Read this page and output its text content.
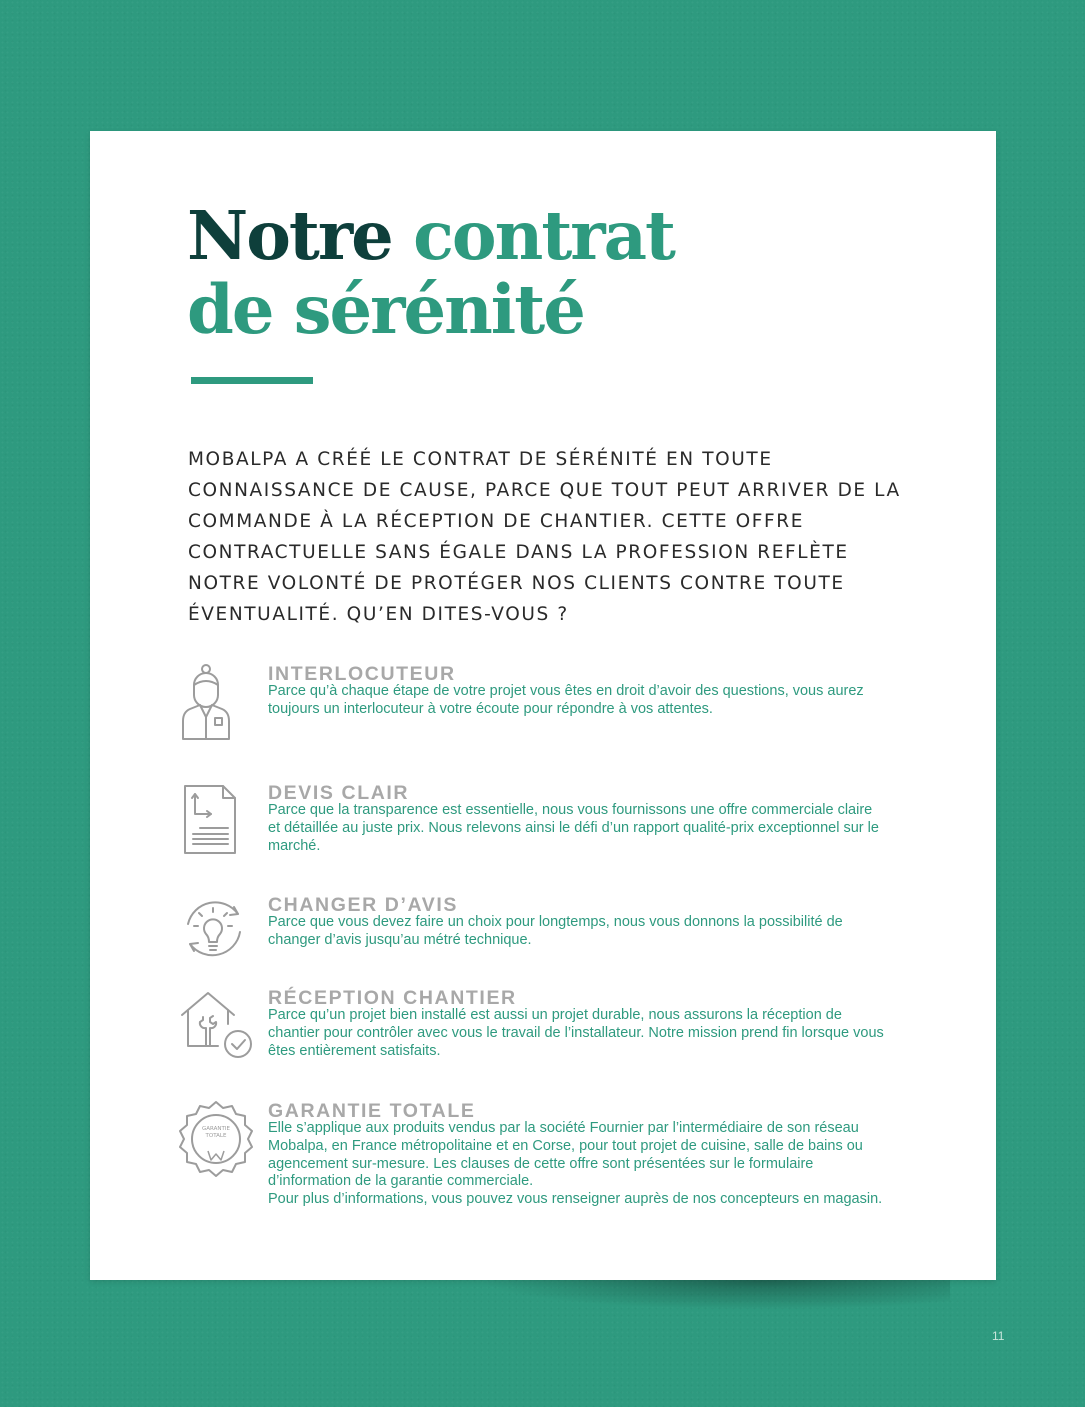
Notre contrat
de sérénité

MOBALPA A CRÉÉ LE CONTRAT DE SÉRÉNITÉ EN TOUTE CONNAISSANCE DE CAUSE, PARCE QUE TOUT PEUT ARRIVER DE LA COMMANDE À LA RÉCEPTION DE CHANTIER. CETTE OFFRE CONTRACTUELLE SANS ÉGALE DANS LA PROFESSION REFLÈTE NOTRE VOLONTÉ DE PROTÉGER NOS CLIENTS CONTRE TOUTE ÉVENTUALITÉ. QU’EN DITES-VOUS ?

INTERLOCUTEUR
Parce qu’à chaque étape de votre projet vous êtes en droit d’avoir des questions, vous aurez toujours un interlocuteur à votre écoute pour répondre à vos attentes.
DEVIS CLAIR
Parce que la transparence est essentielle, nous vous fournissons une offre commerciale claire et détaillée au juste prix. Nous relevons ainsi le défi d’un rapport qualité-prix exceptionnel sur le marché.
CHANGER D’AVIS
Parce que vous devez faire un choix pour longtemps, nous vous donnons la possibilité de changer d’avis jusqu’au métré technique.
RÉCEPTION CHANTIER
Parce qu’un projet bien installé est aussi un projet durable, nous assurons la réception de chantier pour contrôler avec vous le travail de l’installateur. Notre mission prend fin lorsque vous êtes entièrement satisfaits.
GARANTIE
TOTALE
GARANTIE TOTALE
Elle s’applique aux produits vendus par la société Fournier par l’intermédiaire de son réseau Mobalpa, en France métropolitaine et en Corse, pour tout projet de cuisine, salle de bains ou agencement sur-mesure. Les clauses de cette offre sont présentées sur le formulaire d’information de la garantie commerciale.
Pour plus d’informations, vous pouvez vous renseigner auprès de nos concepteurs en magasin.
11
